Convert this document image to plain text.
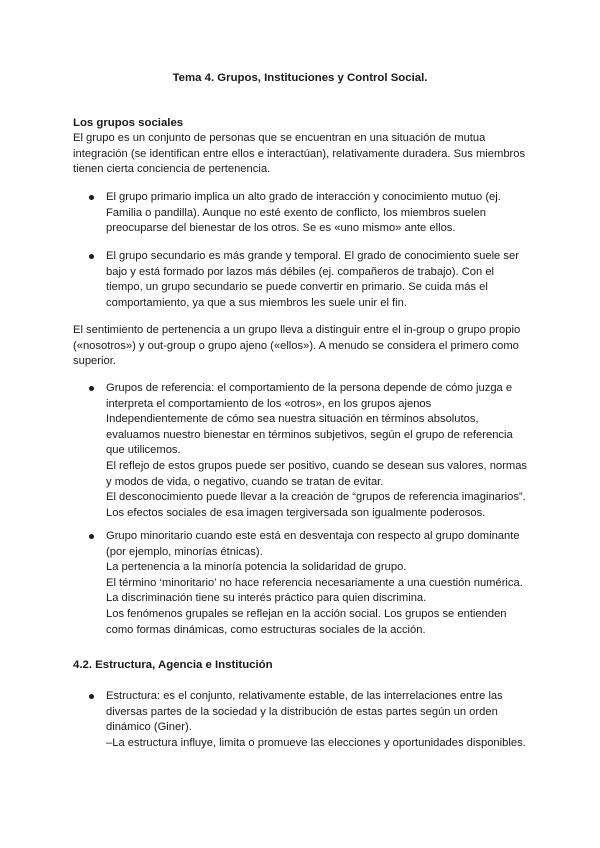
Tema 4. Grupos, Instituciones y Control Social.
Los grupos sociales
El grupo es un conjunto de personas que se encuentran en una situación de mutua
integración (se identifican entre ellos e interactúan), relativamente duradera. Sus miembros
tienen cierta conciencia de pertenencia.
El grupo primario implica un alto grado de interacción y conocimiento mutuo (ej.
Familia o pandilla). Aunque no esté exento de conflicto, los miembros suelen
preocuparse del bienestar de los otros. Se es «uno mismo» ante ellos.
El grupo secundario es más grande y temporal. El grado de conocimiento suele ser
bajo y está formado por lazos más débiles (ej. compañeros de trabajo). Con el
tiempo, un grupo secundario se puede convertir en primario. Se cuida más el
comportamiento, ya que a sus miembros les suele unir el fin.
El sentimiento de pertenencia a un grupo lleva a distinguir entre el in-group o grupo propio
(«nosotros») y out-group o grupo ajeno («ellos»). A menudo se considera el primero como
superior.
Grupos de referencia: el comportamiento de la persona depende de cómo juzga e
interpreta el comportamiento de los «otros», en los grupos ajenos
Independientemente de cómo sea nuestra situación en términos absolutos,
evaluamos nuestro bienestar en términos subjetivos, según el grupo de referencia
que utilicemos.
El reflejo de estos grupos puede ser positivo, cuando se desean sus valores, normas
y modos de vida, o negativo, cuando se tratan de evitar.
El desconocimiento puede llevar a la creación de “grupos de referencia imaginarios”.
Los efectos sociales de esa imagen tergiversada son igualmente poderosos.
Grupo minoritario cuando este está en desventaja con respecto al grupo dominante
(por ejemplo, minorías étnicas).
La pertenencia a la minoría potencia la solidaridad de grupo.
El término ‘minoritario’ no hace referencia necesariamente a una cuestión numérica.
La discriminación tiene su interés práctico para quien discrimina.
Los fenómenos grupales se reflejan en la acción social. Los grupos se entienden
como formas dinámicas, como estructuras sociales de la acción.
4.2. Estructura, Agencia e Institución
Estructura: es el conjunto, relativamente estable, de las interrelaciones entre las
diversas partes de la sociedad y la distribución de estas partes según un orden
dinámico (Giner).
–La estructura influye, limita o promueve las elecciones y oportunidades disponibles.
